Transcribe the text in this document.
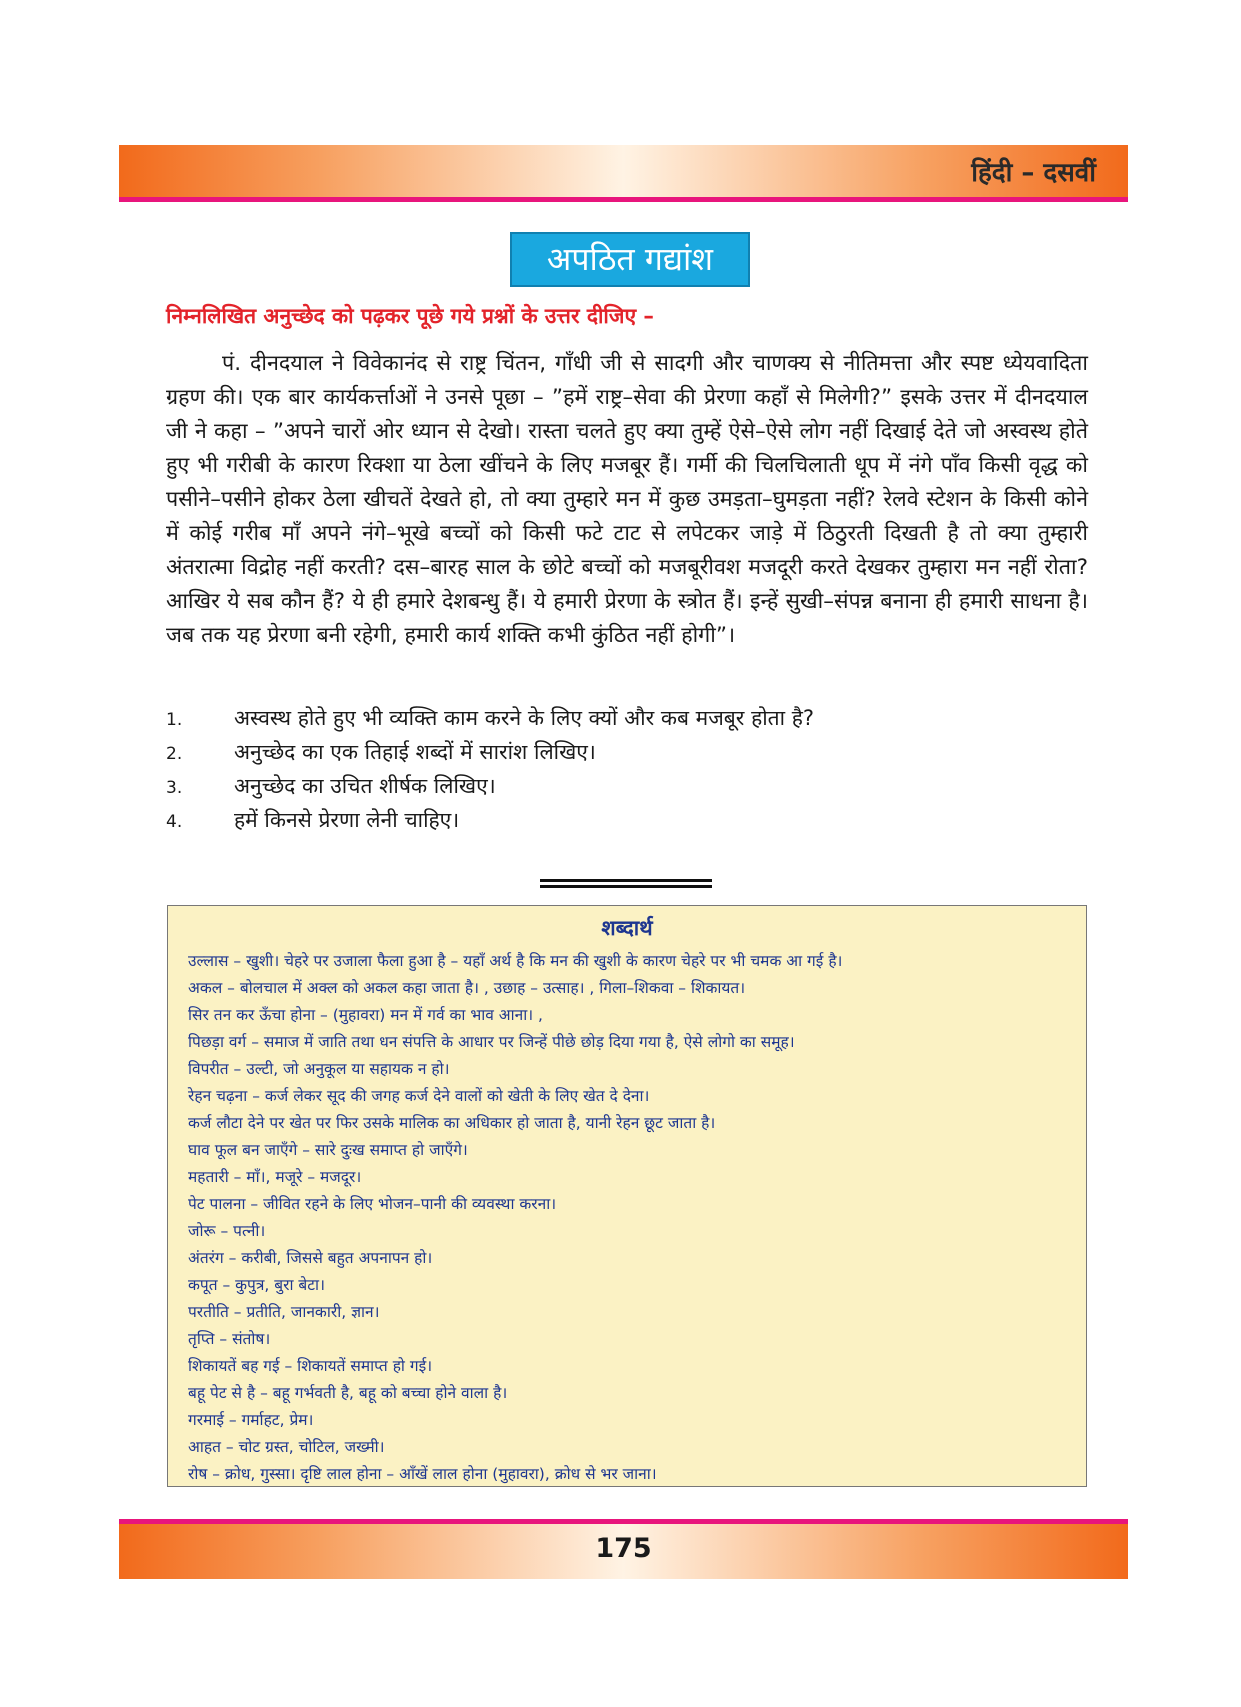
हिंदी – दसवीं
अपठित गद्यांश
निम्नलिखित अनुच्छेद को पढ़कर पूछे गये प्रश्नों के उत्तर दीजिए –

पं. दीनदयाल ने विवेकानंद से राष्ट्र चिंतन, गाँधी जी से सादगी और चाणक्य से नीतिमत्ता और स्पष्ट ध्येयवादिता ग्रहण की। एक बार कार्यकर्त्ताओं ने उनसे पूछा – ”हमें राष्ट्र–सेवा की प्रेरणा कहाँ से मिलेगी?” इसके उत्तर में दीनदयाल जी ने कहा – ”अपने चारों ओर ध्यान से देखो। रास्ता चलते हुए क्या तुम्हें ऐसे–ऐसे लोग नहीं दिखाई देते जो अस्वस्थ होते हुए भी गरीबी के कारण रिक्शा या ठेला खींचने के लिए मजबूर हैं। गर्मी की चिलचिलाती धूप में नंगे पाँव किसी वृद्ध को पसीने–पसीने होकर ठेला खीचतें देखते हो, तो क्या तुम्हारे मन में कुछ उमड़ता–घुमड़ता नहीं? रेलवे स्टेशन के किसी कोने में कोई गरीब माँ अपने नंगे–भूखे बच्चों को किसी फटे टाट से लपेटकर जाड़े में ठिठुरती दिखती है तो क्या तुम्हारी अंतरात्मा विद्रोह नहीं करती? दस–बारह साल के छोटे बच्चों को मजबूरीवश मजदूरी करते देखकर तुम्हारा मन नहीं रोता? आखिर ये सब कौन हैं? ये ही हमारे देशबन्धु हैं। ये हमारी प्रेरणा के स्त्रोत हैं। इन्हें सुखी–संपन्न बनाना ही हमारी साधना है। जब तक यह प्रेरणा बनी रहेगी, हमारी कार्य शक्ति कभी कुंठित नहीं होगी”।

1. अस्वस्थ होते हुए भी व्यक्ति काम करने के लिए क्यों और कब मजबूर होता है?
2. अनुच्छेद का एक तिहाई शब्दों में सारांश लिखिए।
3. अनुच्छेद का उचित शीर्षक लिखिए।
4. हमें किनसे प्रेरणा लेनी चाहिए।
शब्दार्थ
उल्लास – खुशी। चेहरे पर उजाला फैला हुआ है – यहाँ अर्थ है कि मन की खुशी के कारण चेहरे पर भी चमक आ गई है।
अकल – बोलचाल में अक्ल को अकल कहा जाता है। , उछाह – उत्साह। , गिला–शिकवा – शिकायत।
सिर तन कर ऊँचा होना – (मुहावरा) मन में गर्व का भाव आना। ,
पिछड़ा वर्ग – समाज में जाति तथा धन संपत्ति के आधार पर जिन्हें पीछे छोड़ दिया गया है, ऐसे लोगो का समूह।
विपरीत – उल्टी, जो अनुकूल या सहायक न हो।
रेहन चढ़ना – कर्ज लेकर सूद की जगह कर्ज देने वालों को खेती के लिए खेत दे देना।
कर्ज लौटा देने पर खेत पर फिर उसके मालिक का अधिकार हो जाता है, यानी रेहन छूट जाता है।
घाव फूल बन जाएँगे – सारे दुःख समाप्त हो जाएँगे।
महतारी – माँ।, मजूरे – मजदूर।
पेट पालना – जीवित रहने के लिए भोजन–पानी की व्यवस्था करना।
जोरू – पत्नी।
अंतरंग – करीबी, जिससे बहुत अपनापन हो।
कपूत – कुपुत्र, बुरा बेटा।
परतीति – प्रतीति, जानकारी, ज्ञान।
तृप्ति – संतोष।
शिकायतें बह गई – शिकायतें समाप्त हो गई।
बहू पेट से है – बहू गर्भवती है, बहू को बच्चा होने वाला है।
गरमाई – गर्माहट, प्रेम।
आहत – चोट ग्रस्त, चोटिल, जख्मी।
रोष – क्रोध, गुस्सा। दृष्टि लाल होना – आँखें लाल होना (मुहावरा), क्रोध से भर जाना।
175
